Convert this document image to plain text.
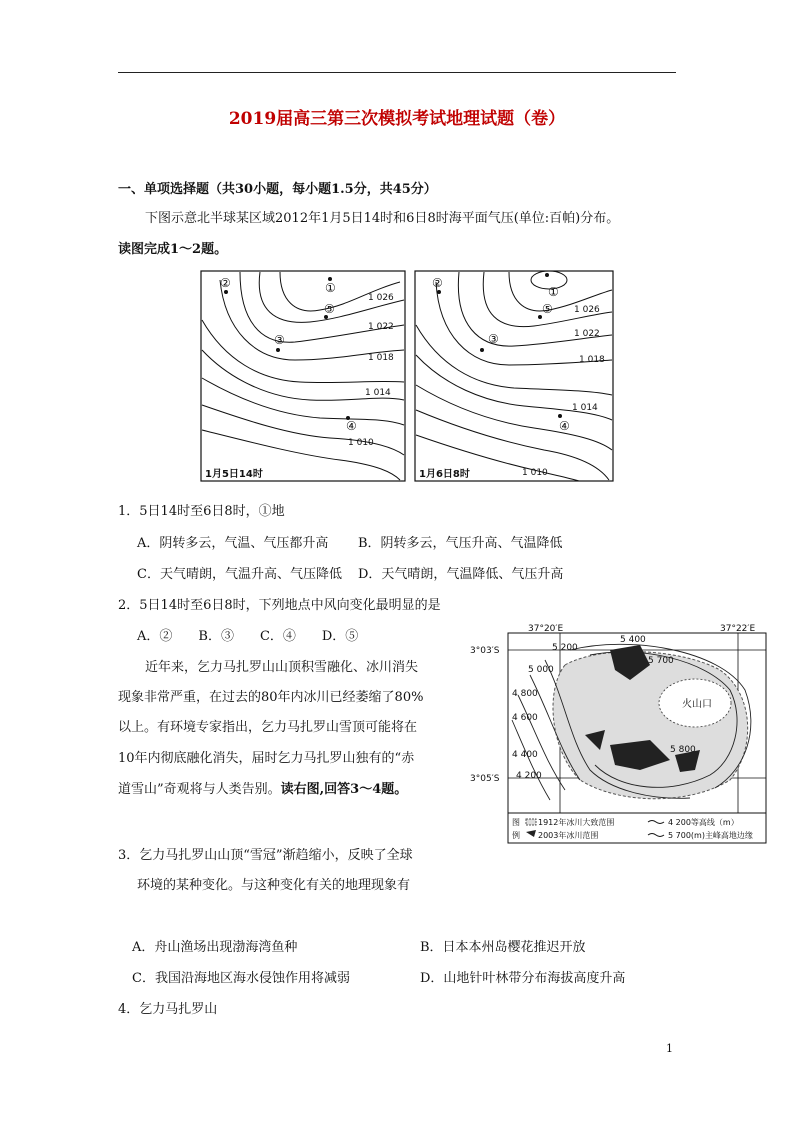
2019届高三第三次模拟考试地理试题（卷）
一、单项选择题（共30小题，每小题1.5分，共45分）
下图示意北半球某区域2012年1月5日14时和6日8时海平面气压(单位:百帕)分布。
读图完成1～2题。
②	①
⑤
③
④
1 026
1 022
1 018
1 014
1 010
1月5日14时
②
①
⑤
③
④
1 026
1 022
1 018
1 014
1 010
1月6日8时
1．5日14时至6日8时，①地
A．阴转多云，气温、气压都升高 B．阴转多云，气压升高、气温降低
C．天气晴朗，气温升高、气压降低 D．天气晴朗，气温降低、气压升高
2．5日14时至6日8时，下列地点中风向变化最明显的是
A．②　　B．③　　C．④　　D．⑤
近年来，乞力马扎罗山山顶积雪融化、冰川消失
现象非常严重，在过去的80年内冰川已经萎缩了80%
以上。有环境专家指出，乞力马扎罗山雪顶可能将在
10年内彻底融化消失，届时乞力马扎罗山独有的“赤
道雪山”奇观将与人类告别。读右图,回答3～4题。
37°20′E	37°22′E
3°03′S
3°05′S
5 400
5 200
5 700
5 000
4 800
4 600
4 400
4 200
5 800
火山口
图
例
1912年冰川大致范围	4 200等高线（m）
2003年冰川范围	5 700(m)主峰高地边缘
3．乞力马扎罗山山顶“雪冠”渐趋缩小，反映了全球
环境的某种变化。与这种变化有关的地理现象有
A．舟山渔场出现渤海湾鱼种	B．日本本州岛樱花推迟开放
C．我国沿海地区海水侵蚀作用将减弱	D．山地针叶林带分布海拔高度升高
4．乞力马扎罗山
1
